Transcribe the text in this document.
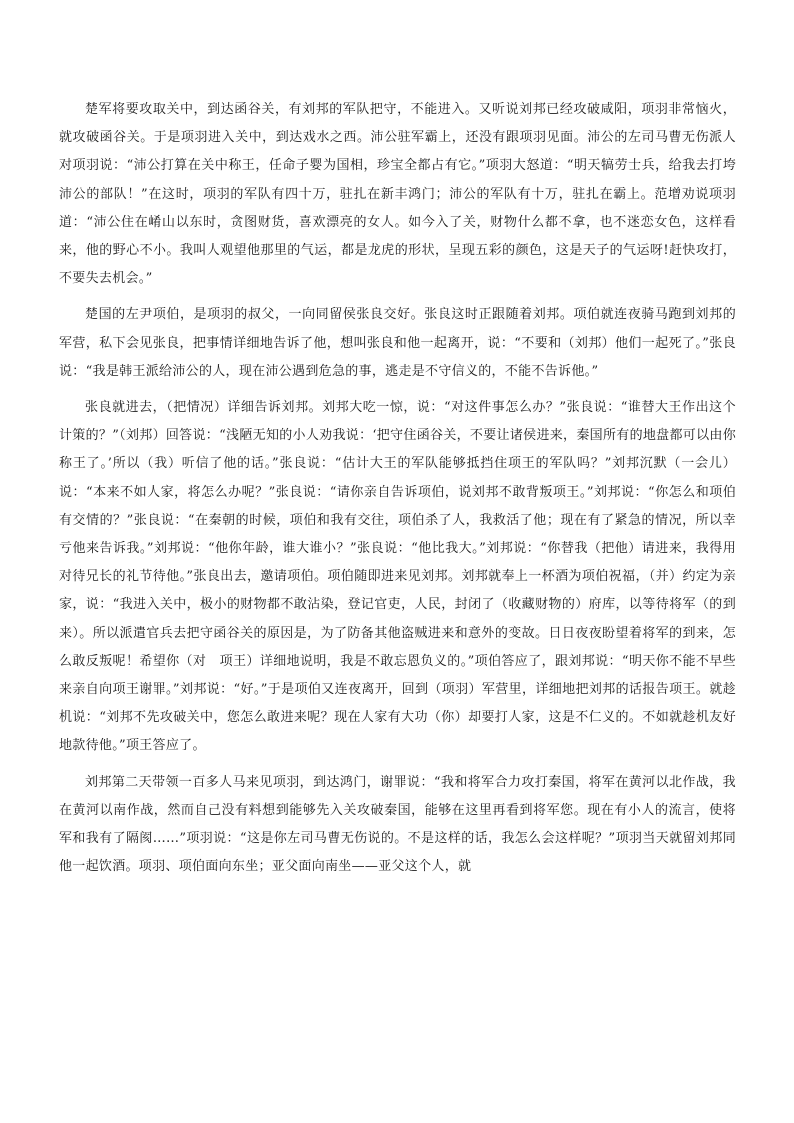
楚军将要攻取关中，到达函谷关，有刘邦的军队把守，不能进入。又听说刘邦已经攻破咸阳，项羽非常恼火，就攻破函谷关。于是项羽进入关中，到达戏水之西。沛公驻军霸上，还没有跟项羽见面。沛公的左司马曹无伤派人对项羽说：“沛公打算在关中称王，任命子婴为国相，珍宝全都占有它。”项羽大怒道：“明天犒劳士兵，给我去打垮沛公的部队！”在这时，项羽的军队有四十万，驻扎在新丰鸿门；沛公的军队有十万，驻扎在霸上。范增劝说项羽道：“沛公住在崤山以东时，贪图财货，喜欢漂亮的女人。如今入了关，财物什么都不拿，也不迷恋女色，这样看来，他的野心不小。我叫人观望他那里的气运，都是龙虎的形状，呈现五彩的颜色，这是天子的气运呀!赶快攻打，不要失去机会。”

楚国的左尹项伯，是项羽的叔父，一向同留侯张良交好。张良这时正跟随着刘邦。项伯就连夜骑马跑到刘邦的军营，私下会见张良，把事情详细地告诉了他，想叫张良和他一起离开，说：“不要和（刘邦）他们一起死了。”张良说：“我是韩王派给沛公的人，现在沛公遇到危急的事，逃走是不守信义的，不能不告诉他。”

张良就进去，（把情况）详细告诉刘邦。刘邦大吃一惊，说：“对这件事怎么办？”张良说：“谁替大王作出这个计策的？”（刘邦）回答说：“浅陋无知的小人劝我说：‘把守住函谷关，不要让诸侯进来，秦国所有的地盘都可以由你称王了。’所以（我）听信了他的话。”张良说：“估计大王的军队能够抵挡住项王的军队吗？”刘邦沉默（一会儿）说：“本来不如人家，将怎么办呢？”张良说：“请你亲自告诉项伯，说刘邦不敢背叛项王。”刘邦说：“你怎么和项伯有交情的？”张良说：“在秦朝的时候，项伯和我有交往，项伯杀了人，我救活了他；现在有了紧急的情况，所以幸亏他来告诉我。”刘邦说：“他你年龄，谁大谁小？”张良说：“他比我大。”刘邦说：“你替我（把他）请进来，我得用对待兄长的礼节待他。”张良出去，邀请项伯。项伯随即进来见刘邦。刘邦就奉上一杯酒为项伯祝福，（并）约定为亲家，说：“我进入关中，极小的财物都不敢沾染，登记官吏，人民，封闭了（收藏财物的）府库，以等待将军（的到来）。所以派遣官兵去把守函谷关的原因是，为了防备其他盗贼进来和意外的变故。日日夜夜盼望着将军的到来，怎么敢反叛呢！希望你（对　项王）详细地说明，我是不敢忘恩负义的。”项伯答应了，跟刘邦说：“明天你不能不早些来亲自向项王谢罪。”刘邦说：“好。”于是项伯又连夜离开，回到（项羽）军营里，详细地把刘邦的话报告项王。就趁机说：“刘邦不先攻破关中，您怎么敢进来呢？现在人家有大功（你）却要打人家，这是不仁义的。不如就趁机友好地款待他。”项王答应了。

刘邦第二天带领一百多人马来见项羽，到达鸿门，谢罪说：“我和将军合力攻打秦国，将军在黄河以北作战，我在黄河以南作战，然而自己没有料想到能够先入关攻破秦国，能够在这里再看到将军您。现在有小人的流言，使将军和我有了隔阂……”项羽说：“这是你左司马曹无伤说的。不是这样的话，我怎么会这样呢？”项羽当天就留刘邦同他一起饮酒。项羽、项伯面向东坐；亚父面向南坐——亚父这个人，就
